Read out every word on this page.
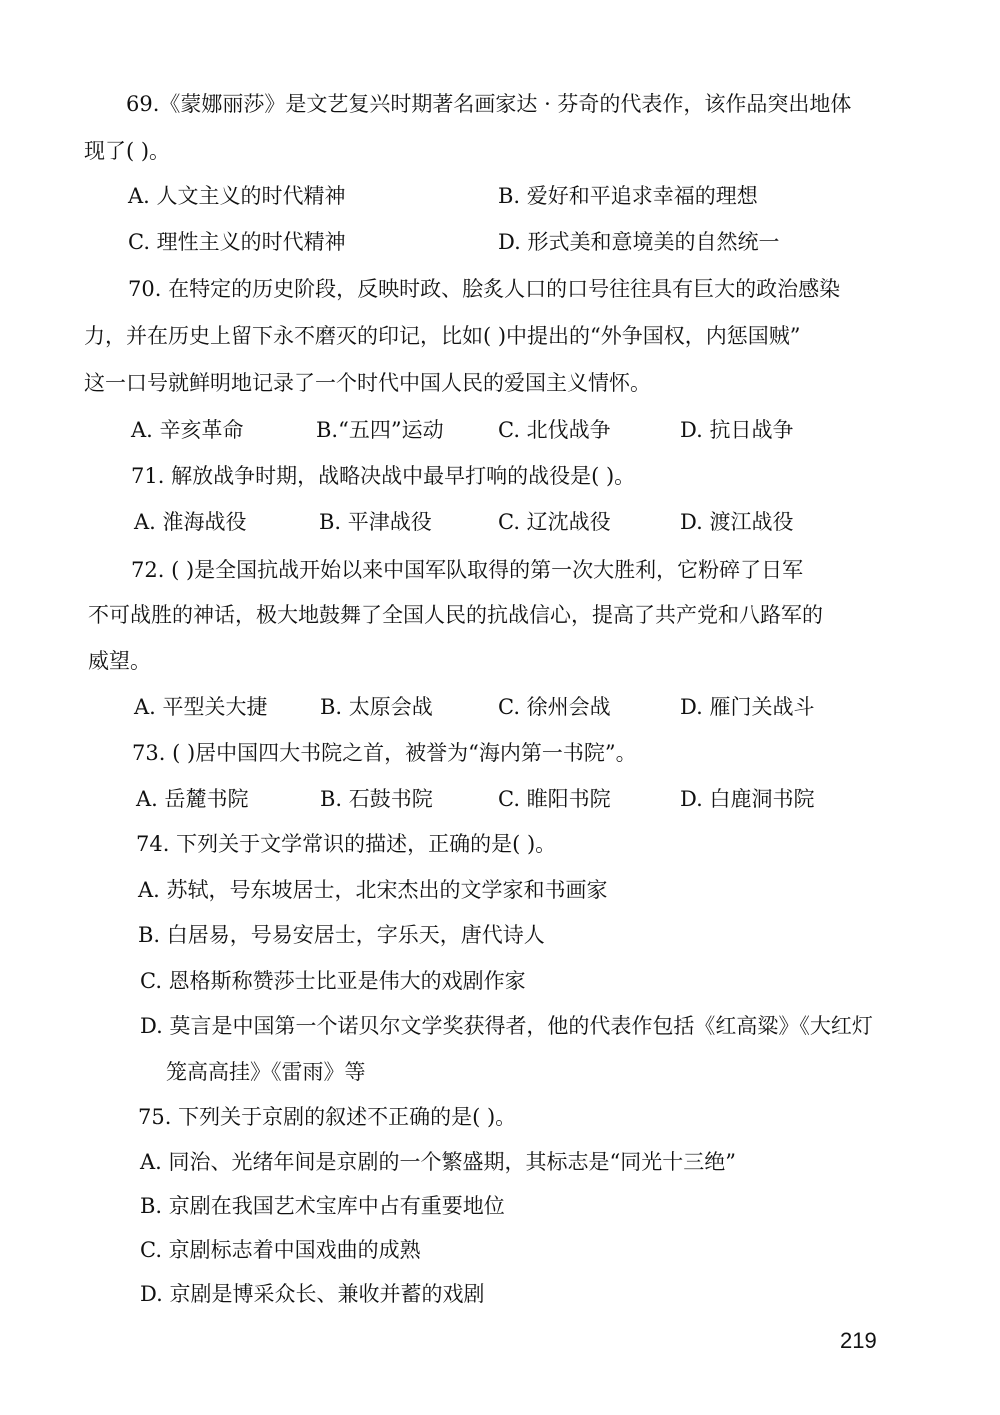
69.《蒙娜丽莎》是文艺复兴时期著名画家达 · 芬奇的代表作，该作品突出地体
现了( )。
A. 人文主义的时代精神	B. 爱好和平追求幸福的理想
C. 理性主义的时代精神	D. 形式美和意境美的自然统一
70. 在特定的历史阶段，反映时政、脍炙人口的口号往往具有巨大的政治感染
力，并在历史上留下永不磨灭的印记，比如( )中提出的“外争国权，内惩国贼”
这一口号就鲜明地记录了一个时代中国人民的爱国主义情怀。
A. 辛亥革命	B.“五四”运动	C. 北伐战争	D. 抗日战争
71. 解放战争时期，战略决战中最早打响的战役是( )。
A. 淮海战役	B. 平津战役	C. 辽沈战役	D. 渡江战役
72. ( )是全国抗战开始以来中国军队取得的第一次大胜利，它粉碎了日军
不可战胜的神话，极大地鼓舞了全国人民的抗战信心，提高了共产党和八路军的
威望。
A. 平型关大捷 B. 太原会战	C. 徐州会战	D. 雁门关战斗
73. ( )居中国四大书院之首，被誉为“海内第一书院”。
A. 岳麓书院	B. 石鼓书院	C. 睢阳书院	D. 白鹿洞书院
74. 下列关于文学常识的描述，正确的是( )。
A. 苏轼，号东坡居士，北宋杰出的文学家和书画家
B. 白居易，号易安居士，字乐天，唐代诗人
C. 恩格斯称赞莎士比亚是伟大的戏剧作家
D. 莫言是中国第一个诺贝尔文学奖获得者，他的代表作包括《红高粱》《大红灯
笼高高挂》《雷雨》等
75. 下列关于京剧的叙述不正确的是( )。
A. 同治、光绪年间是京剧的一个繁盛期，其标志是“同光十三绝”
B. 京剧在我国艺术宝库中占有重要地位
C. 京剧标志着中国戏曲的成熟
D. 京剧是博采众长、兼收并蓄的戏剧
219
